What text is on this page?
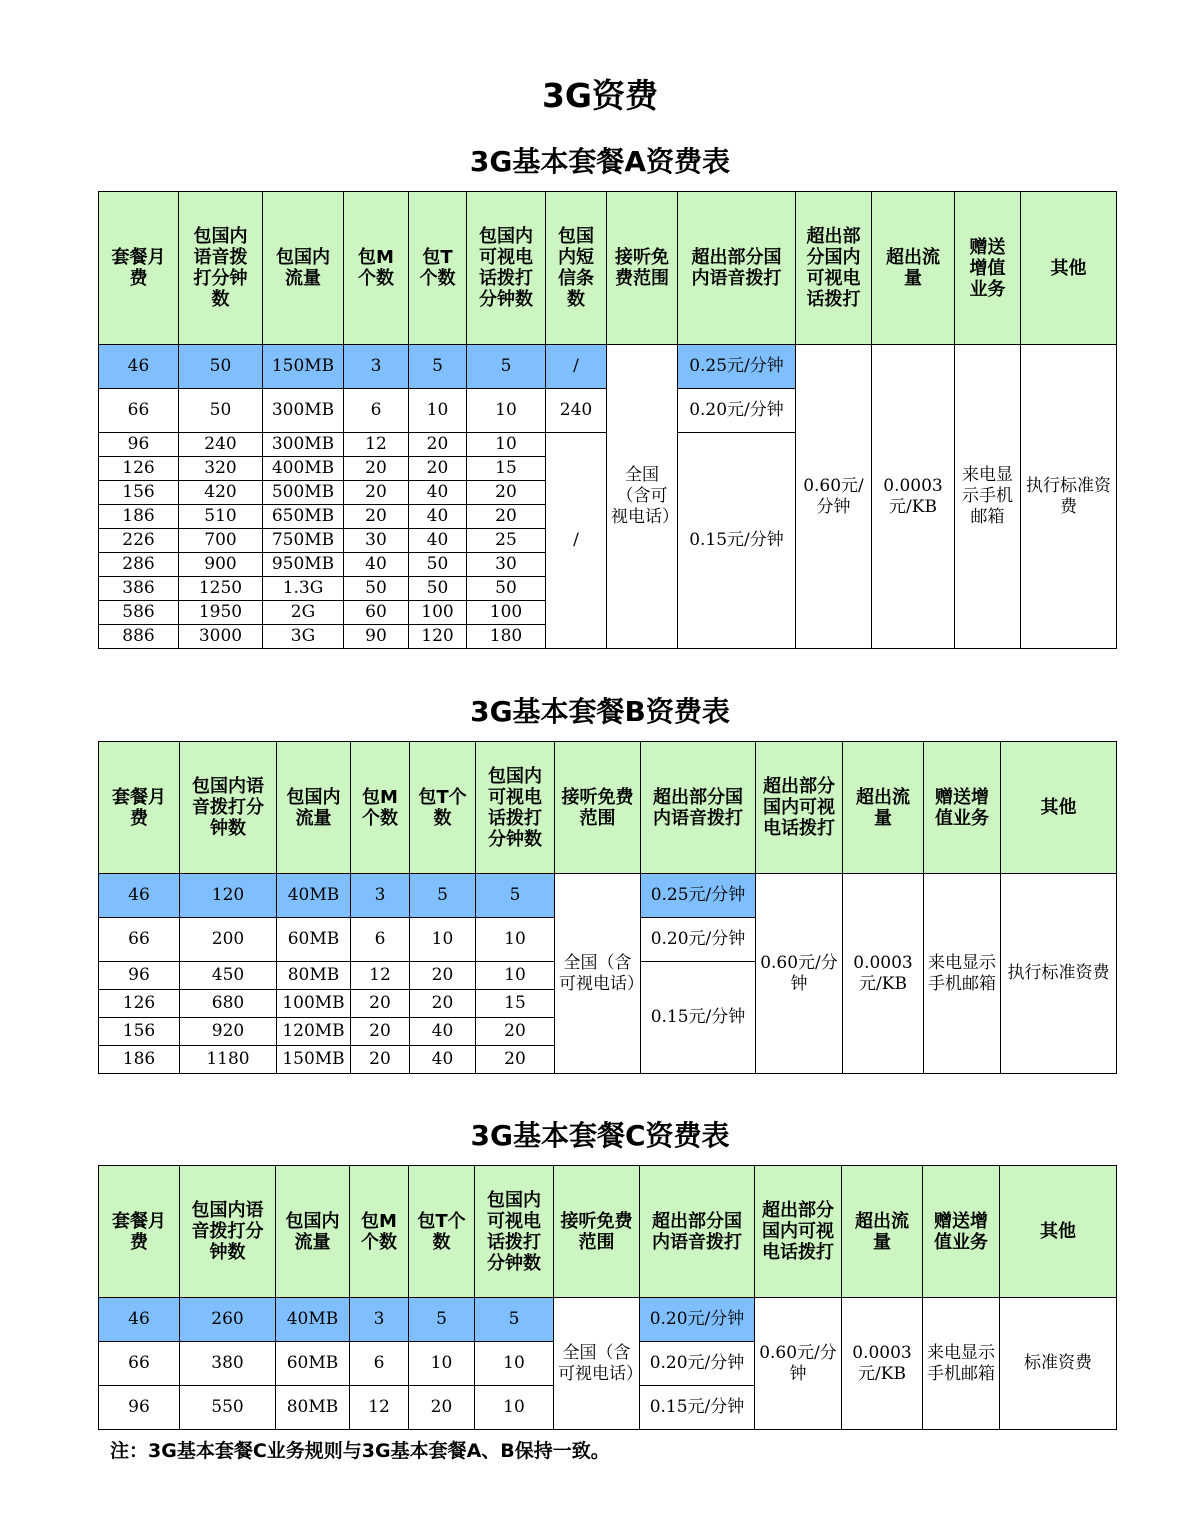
3G资费
3G基本套餐A资费表
套餐月费	包国内语音拨打分钟数	包国内流量	包M个数	包T个数	包国内可视电话拨打分钟数	包国内短信条数	接听免费范围	超出部分国内语音拨打	超出部分国内可视电话拨打	超出流量	赠送增值业务	其他
46	50	150MB	3	5	5	/	全国（含可视电话）	0.25元/分钟	0.60元/分钟	0.0003元/KB	来电显示手机邮箱	执行标准资费
66	50	300MB	6	10	10	240		0.20元/分钟				
96	240	300MB	12	20	10	/		0.15元/分钟				
126	320	400MB	20	20	15							
156	420	500MB	20	40	20							
186	510	650MB	20	40	20							
226	700	750MB	30	40	25							
286	900	950MB	40	50	30							
386	1250	1.3G	50	50	50							
586	1950	2G	60	100	100							
886	3000	3G	90	120	180							
3G基本套餐B资费表
套餐月费	包国内语音拨打分钟数	包国内流量	包M个数	包T个数	包国内可视电话拨打分钟数	接听免费范围	超出部分国内语音拨打	超出部分国内可视电话拨打	超出流量	赠送增值业务	其他
46	120	40MB	3	5	5	全国（含可视电话）	0.25元/分钟	0.60元/分钟	0.0003元/KB	来电显示手机邮箱	执行标准资费
66	200	60MB	6	10	10		0.20元/分钟				
96	450	80MB	12	20	10		0.15元/分钟				
126	680	100MB	20	20	15						
156	920	120MB	20	40	20						
186	1180	150MB	20	40	20						
3G基本套餐C资费表
套餐月费	包国内语音拨打分钟数	包国内流量	包M个数	包T个数	包国内可视电话拨打分钟数	接听免费范围	超出部分国内语音拨打	超出部分国内可视电话拨打	超出流量	赠送增值业务	其他
46	260	40MB	3	5	5	全国（含可视电话）	0.20元/分钟	0.60元/分钟	0.0003元/KB	来电显示手机邮箱	标准资费
66	380	60MB	6	10	10		0.20元/分钟				
96	550	80MB	12	20	10		0.15元/分钟				
注：3G基本套餐C业务规则与3G基本套餐A、B保持一致。
